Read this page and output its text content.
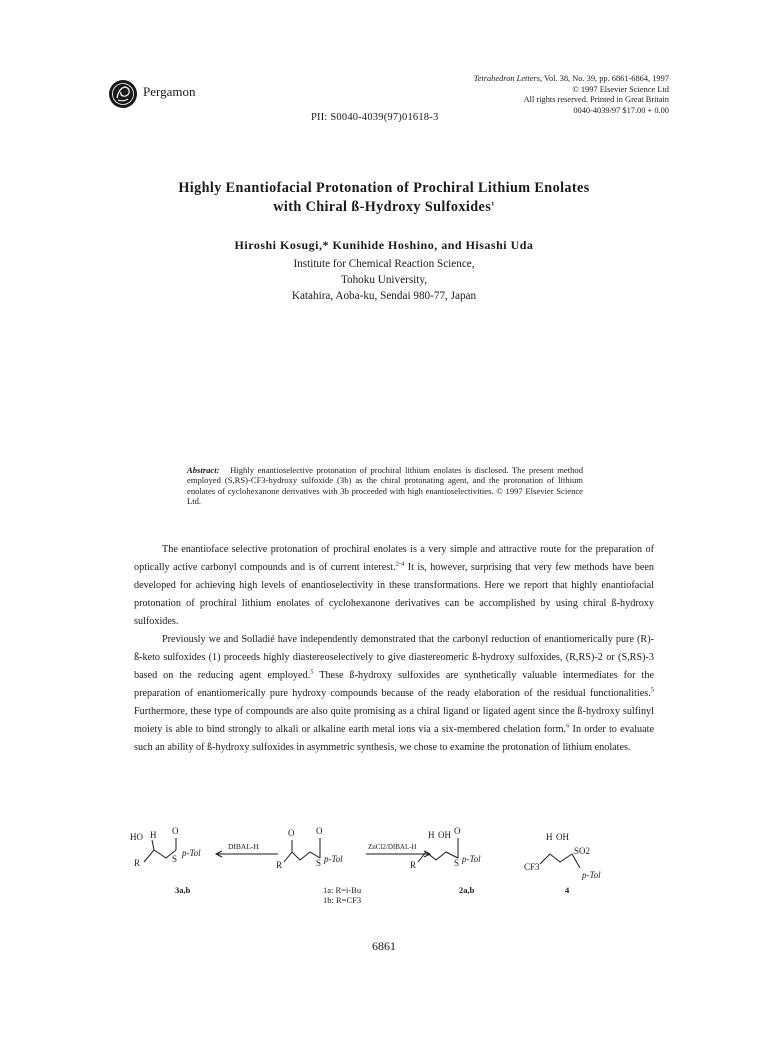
Pergamon
Tetrahedron Letters, Vol. 38, No. 39, pp. 6861-6864, 1997
© 1997 Elsevier Science Ltd
All rights reserved. Printed in Great Britain
0040-4039/97 $17.00 + 0.00
PII: S0040-4039(97)01618-3
Highly Enantiofacial Protonation of Prochiral Lithium Enolates
with Chiral ß-Hydroxy Sulfoxides$^1$
Hiroshi Kosugi,* Kunihide Hoshino, and Hisashi Uda
Institute for Chemical Reaction Science,
Tohoku University,
Katahira, Aoba-ku, Sendai 980-77, Japan
Abstract: Highly enantioselective protonation of prochiral lithium enolates is disclosed. The present method employed (S,RS)-CF3-hydroxy sulfoxide (3b) as the chiral protonating agent, and the protonation of lithium enolates of cyclohexanone derivatives with 3b proceeded with high enantioselectivities. © 1997 Elsevier Science Ltd.

The enantioface selective protonation of prochiral enolates is a very simple and attractive route for the preparation of optically active carbonyl compounds and is of current interest.$^{2-4}$ It is, however, surprising that very few methods have been developed for achieving high levels of enantioselectivity in these transformations. Here we report that highly enantiofacial protonation of prochiral lithium enolates of cyclohexanone derivatives can be accomplished by using chiral ß-hydroxy sulfoxides.

Previously we and Solladié have independently demonstrated that the carbonyl reduction of enantiomerically pure (R)-ß-keto sulfoxides (1) proceeds highly diastereoselectively to give diastereomeric ß-hydroxy sulfoxides, (R,RS)-2 or (S,RS)-3 based on the reducing agent employed.$^5$ These ß-hydroxy sulfoxides are synthetically valuable intermediates for the preparation of enantiomerically pure hydroxy compounds because of the ready elaboration of the residual functionalities.$^5$        Furthermore, these type of compounds are also quite promising as a chiral ligand or ligated agent since the ß-hydroxy sulfinyl moiety is able to bind strongly to alkali or alkaline earth metal ions via a six-membered chelation form.$^6$ In order to evaluate such an ability of ß-hydroxy sulfoxides in asymmetric synthesis, we chose to examine the protonation of lithium enolates.

HO H O
R	S
p-Tol
DIBAL-H
R
O O
S p-Tol
ZnCl2/DIBAL-H
R
H OH O
S p-Tol
H OH
CF3
SO2
p-Tol
3a,b	1a: R=i-Bu
1b: R=CF3
2a,b	4
6861
